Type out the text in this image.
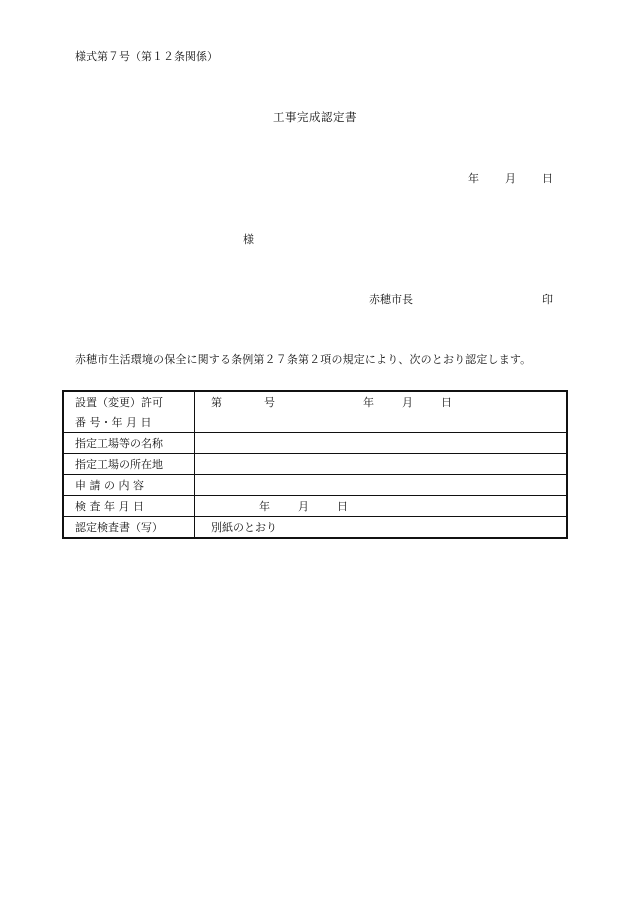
様式第７号（第１２条関係）
工事完成認定書
年 月 日
様
赤穂市長	印
赤穂市生活環境の保全に関する条例第２７条第２項の規定により、次のとおり認定します。
設置（変更）許可	第 号 年 月 日
番 号・年 月 日	
指定工場等の名称	
指定工場の所在地	
申 請 の 内 容	
検 査 年 月 日	年 月 日
認定検査書（写）	別紙のとおり
